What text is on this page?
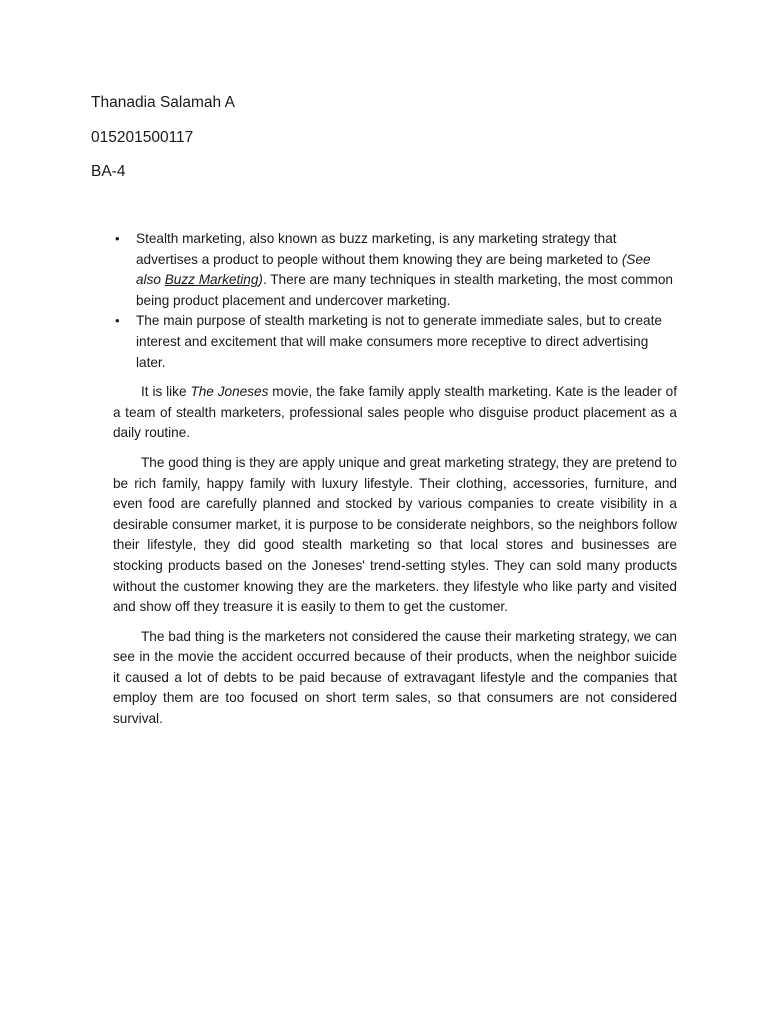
Thanadia Salamah A
015201500117
BA-4
• Stealth marketing, also known as buzz marketing, is any marketing strategy that advertises a product to people without them knowing they are being marketed to (See also Buzz Marketing). There are many techniques in stealth marketing, the most common being product placement and undercover marketing.
• The main purpose of stealth marketing is not to generate immediate sales, but to create interest and excitement that will make consumers more receptive to direct advertising later.

It is like The Joneses movie, the fake family apply stealth marketing. Kate is the leader of a team of stealth marketers, professional sales people who disguise product placement as a daily routine.

The good thing is they are apply unique and great marketing strategy, they are pretend to be rich family, happy family with luxury lifestyle. Their clothing, accessories, furniture, and even food are carefully planned and stocked by various companies to create visibility in a desirable consumer market, it is purpose to be considerate neighbors, so the neighbors follow their lifestyle, they did good stealth marketing so that local stores and businesses are stocking products based on the Joneses' trend-setting styles. They can sold many products without the customer knowing they are the marketers. they lifestyle who like party and visited and show off they treasure it is easily to them to get the customer.

The bad thing is the marketers not considered the cause their marketing strategy, we can see in the movie the accident occurred because of their products, when the neighbor suicide it caused a lot of debts to be paid because of extravagant lifestyle and the companies that employ them are too focused on short term sales, so that consumers are not considered survival.
